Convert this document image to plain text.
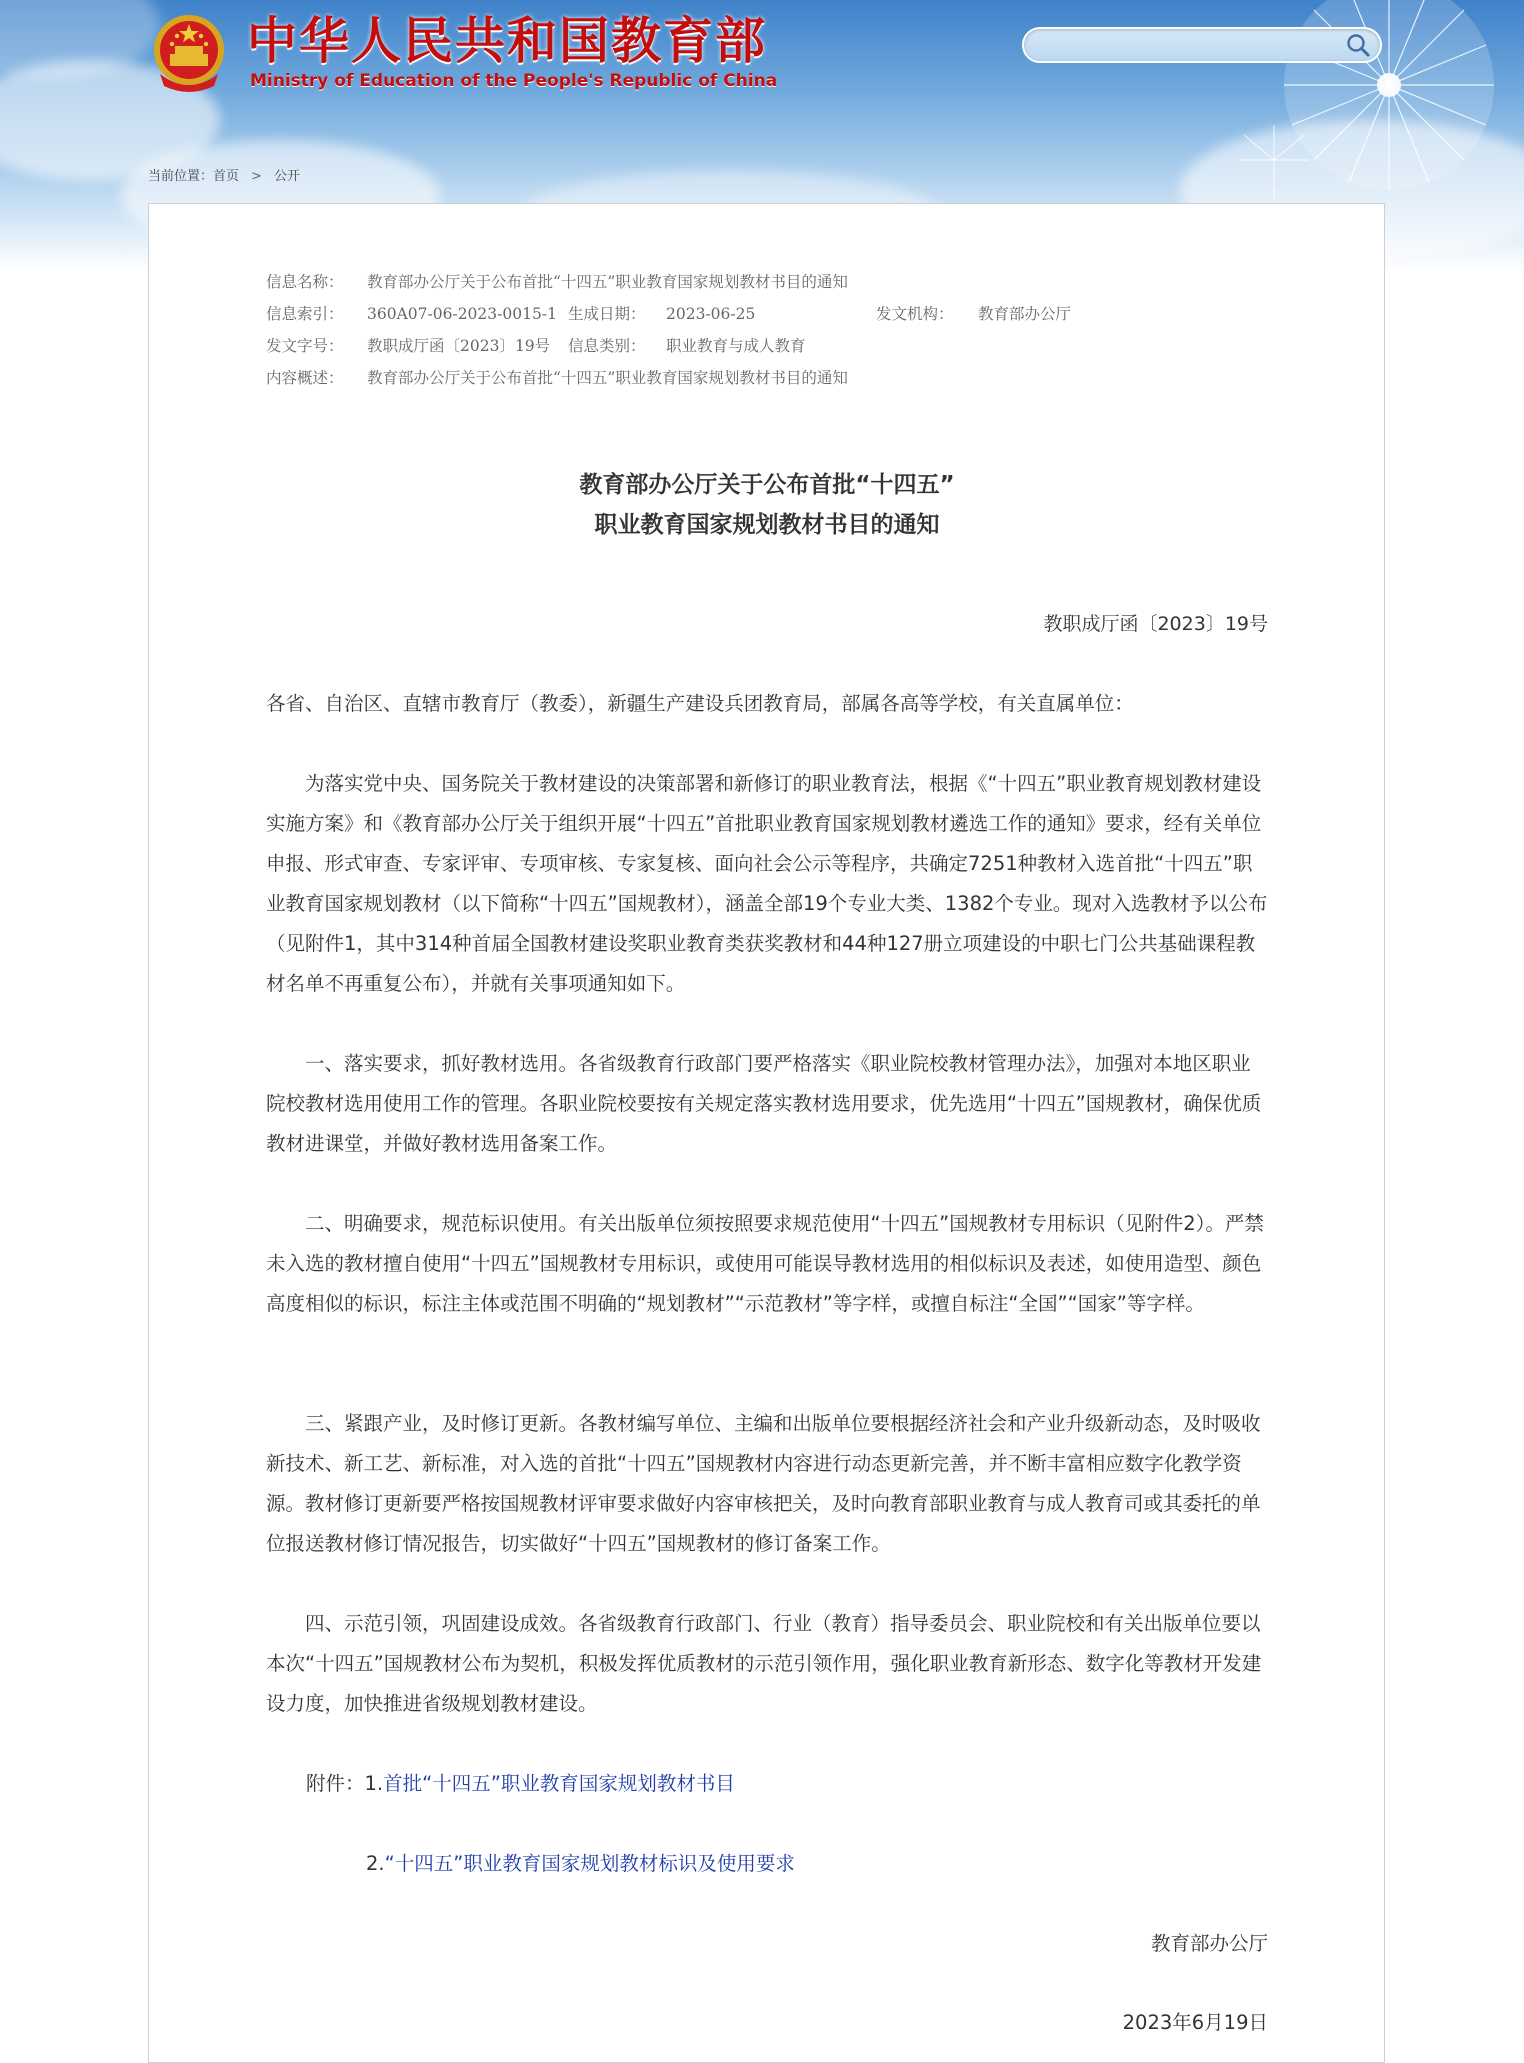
中华人民共和国教育部
Ministry of Education of the People's Republic of China
当前位置：首页 > 公开
信息名称： 教育部办公厅关于公布首批“十四五”职业教育国家规划教材书目的通知
信息索引： 360A07-06-2023-0015-1 生成日期： 2023-06-25	发文机构： 教育部办公厅
发文字号： 教职成厅函〔2023〕19号 信息类别： 职业教育与成人教育
内容概述： 教育部办公厅关于公布首批“十四五”职业教育国家规划教材书目的通知
教育部办公厅关于公布首批“十四五”
职业教育国家规划教材书目的通知
教职成厅函〔2023〕19号

各省、自治区、直辖市教育厅（教委），新疆生产建设兵团教育局，部属各高等学校，有关直属单位：

为落实党中央、国务院关于教材建设的决策部署和新修订的职业教育法，根据《“十四五”职业教育规划教材建设实施方案》和《教育部办公厅关于组织开展“十四五”首批职业教育国家规划教材遴选工作的通知》要求，经有关单位申报、形式审查、专家评审、专项审核、专家复核、面向社会公示等程序，共确定7251种教材入选首批“十四五”职业教育国家规划教材（以下简称“十四五”国规教材），涵盖全部19个专业大类、1382个专业。现对入选教材予以公布（见附件1，其中314种首届全国教材建设奖职业教育类获奖教材和44种127册立项建设的中职七门公共基础课程教材名单不再重复公布），并就有关事项通知如下。

一、落实要求，抓好教材选用。各省级教育行政部门要严格落实《职业院校教材管理办法》，加强对本地区职业院校教材选用使用工作的管理。各职业院校要按有关规定落实教材选用要求，优先选用“十四五”国规教材，确保优质教材进课堂，并做好教材选用备案工作。

二、明确要求，规范标识使用。有关出版单位须按照要求规范使用“十四五”国规教材专用标识（见附件2）。严禁未入选的教材擅自使用“十四五”国规教材专用标识，或使用可能误导教材选用的相似标识及表述，如使用造型、颜色高度相似的标识，标注主体或范围不明确的“规划教材”“示范教材”等字样，或擅自标注“全国”“国家”等字样。

三、紧跟产业，及时修订更新。各教材编写单位、主编和出版单位要根据经济社会和产业升级新动态，及时吸收新技术、新工艺、新标准，对入选的首批“十四五”国规教材内容进行动态更新完善，并不断丰富相应数字化教学资源。教材修订更新要严格按国规教材评审要求做好内容审核把关，及时向教育部职业教育与成人教育司或其委托的单位报送教材修订情况报告，切实做好“十四五”国规教材的修订备案工作。

四、示范引领，巩固建设成效。各省级教育行政部门、行业（教育）指导委员会、职业院校和有关出版单位要以本次“十四五”国规教材公布为契机，积极发挥优质教材的示范引领作用，强化职业教育新形态、数字化等教材开发建设力度，加快推进省级规划教材建设。

附件：1.首批“十四五”职业教育国家规划教材书目
2.“十四五”职业教育国家规划教材标识及使用要求
教育部办公厅
2023年6月19日
